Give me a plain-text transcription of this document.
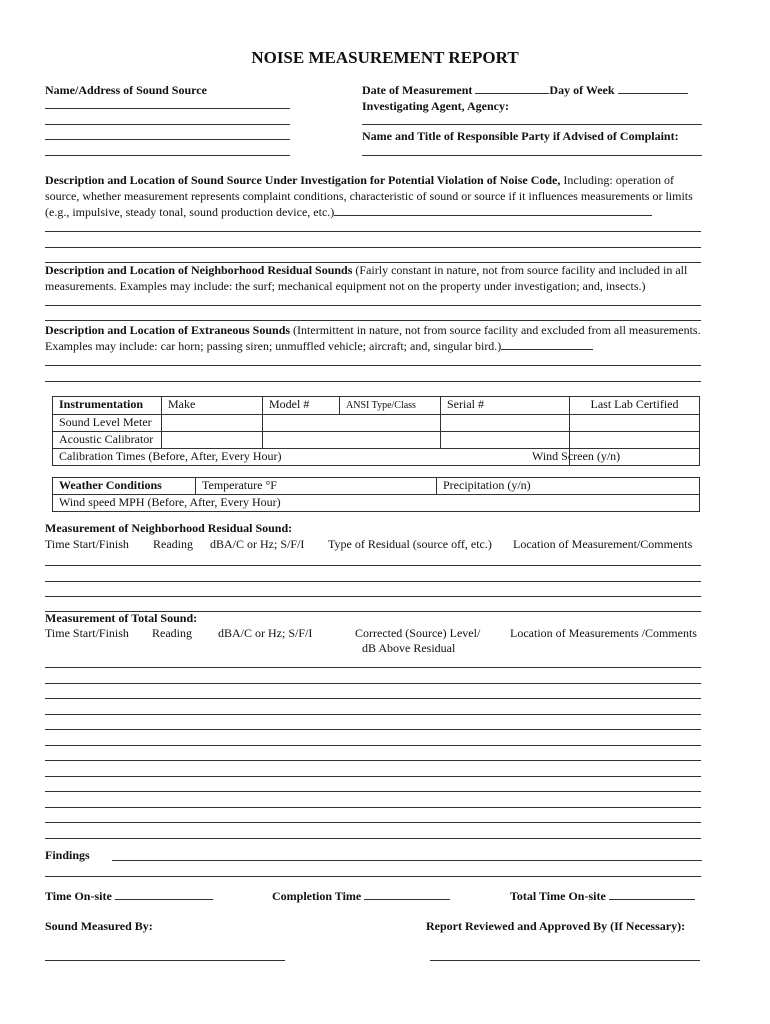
NOISE MEASUREMENT REPORT
Name/Address of Sound Source	Date of Measurement	Day of Week
Investigating Agent, Agency:
Name and Title of Responsible Party if Advised of Complaint:
Description and Location of Sound Source Under Investigation for Potential Violation of Noise Code, Including: operation of source, whether measurement represents complaint conditions, characteristic of sound or source if it influences measurements or limits (e.g., impulsive, steady tonal, sound production device, etc.)
Description and Location of Neighborhood Residual Sounds (Fairly constant in nature, not from source facility and included in all measurements. Examples may include: the surf; mechanical equipment not on the property under investigation; and, insects.)
Description and Location of Extraneous Sounds (Intermittent in nature, not from source facility and excluded from all measurements. Examples may include: car horn; passing siren; unmuffled vehicle; aircraft; and, singular bird.)
Instrumentation	Make	Model #	ANSI Type/Class	Serial #	Last Lab Certified
Sound Level Meter					
Acoustic Calibrator					
Calibration Times (Before, After, Every Hour)					Wind Screen (y/n)
Weather Conditions	Temperature °F	Precipitation (y/n)
Wind speed MPH (Before, After, Every Hour)
Measurement of Neighborhood Residual Sound:
Time Start/Finish Reading dBA/C or Hz; S/F/I Type of Residual (source off, etc.) Location of Measurement/Comments
Measurement of Total Sound:
Time Start/Finish Reading dBA/C or Hz; S/F/I	Corrected (Source) Level/
dB Above Residual
Location of Measurements /Comments
Findings
Time On-site	Completion Time	Total Time On-site
Sound Measured By:	Report Reviewed and Approved By (If Necessary):
